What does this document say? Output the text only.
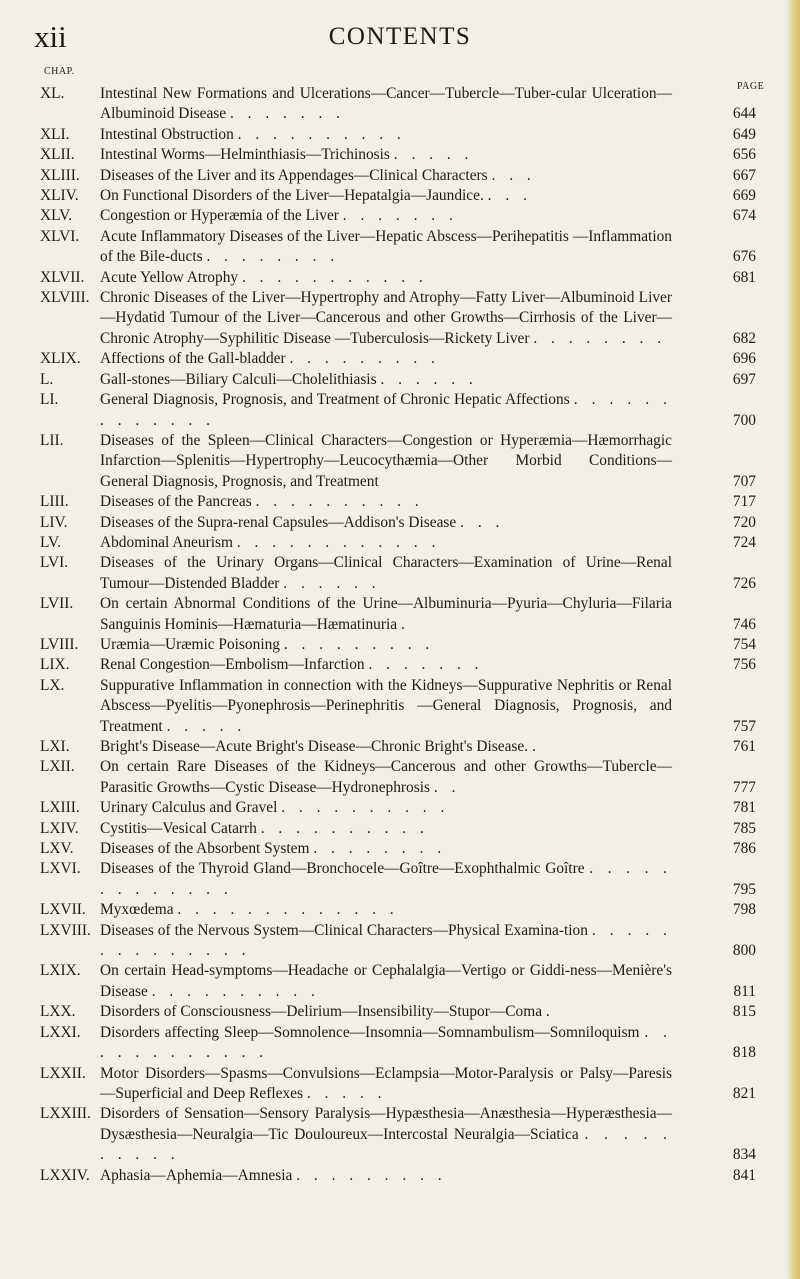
xii	CONTENTS
CHAP.
PAGE
XL.	Intestinal New Formations and Ulcerations—Cancer—Tubercle—Tuber-cular Ulceration—Albuminoid Disease . . . . . . .	644
XLI.	Intestinal Obstruction . . . . . . . . . .	649
XLII.	Intestinal Worms—Helminthiasis—Trichinosis . . . . .	656
XLIII.	Diseases of the Liver and its Appendages—Clinical Characters . . .	667
XLIV.	On Functional Disorders of the Liver—Hepatalgia—Jaundice. . . .	669
XLV.	Congestion or Hyperæmia of the Liver . . . . . . .	674
XLVI.	Acute Inflammatory Diseases of the Liver—Hepatic Abscess—Perihepatitis —Inflammation of the Bile-ducts . . . . . . . .	676
XLVII.	Acute Yellow Atrophy . . . . . . . . . . .	681
XLVIII. Chronic Diseases of the Liver—Hypertrophy and Atrophy—Fatty Liver—Albuminoid Liver—Hydatid Tumour of the Liver—Cancerous and other Growths—Cirrhosis of the Liver—Chronic Atrophy—Syphilitic Disease —Tuberculosis—Rickety Liver . . . . . . . .	682
XLIX.	Affections of the Gall-bladder . . . . . . . . .	696
L.	Gall-stones—Biliary Calculi—Cholelithiasis . . . . . .	697
LI.	General Diagnosis, Prognosis, and Treatment of Chronic Hepatic Affections . . . . . . . . . . . . .	700
LII.	Diseases of the Spleen—Clinical Characters—Congestion or Hyperæmia—Hæmorrhagic Infarction—Splenitis—Hypertrophy—Leucocythæmia—Other Morbid Conditions—General Diagnosis, Prognosis, and Treatment	707
LIII.	Diseases of the Pancreas . . . . . . . . . .	717
LIV.	Diseases of the Supra-renal Capsules—Addison's Disease . . .	720
LV.	Abdominal Aneurism . . . . . . . . . . . .	724
LVI.	Diseases of the Urinary Organs—Clinical Characters—Examination of Urine—Renal Tumour—Distended Bladder . . . . . .	726
LVII.	On certain Abnormal Conditions of the Urine—Albuminuria—Pyuria—Chyluria—Filaria Sanguinis Hominis—Hæmaturia—Hæmatinuria .	746
LVIII.	Uræmia—Uræmic Poisoning . . . . . . . . .	754
LIX.	Renal Congestion—Embolism—Infarction . . . . . . .	756
LX.	Suppurative Inflammation in connection with the Kidneys—Suppurative Nephritis or Renal Abscess—Pyelitis—Pyonephrosis—Perinephritis —General Diagnosis, Prognosis, and Treatment . . . . .	757
LXI.	Bright's Disease—Acute Bright's Disease—Chronic Bright's Disease. .	761
LXII.	On certain Rare Diseases of the Kidneys—Cancerous and other Growths—Tubercle—Parasitic Growths—Cystic Disease—Hydronephrosis . .	777
LXIII.	Urinary Calculus and Gravel . . . . . . . . . .	781
LXIV.	Cystitis—Vesical Catarrh . . . . . . . . . .	785
LXV.	Diseases of the Absorbent System . . . . . . . .	786
LXVI.	Diseases of the Thyroid Gland—Bronchocele—Goître—Exophthalmic Goître . . . . . . . . . . . . .	795
LXVII. Myxœdema . . . . . . . . . . . . .	798
LXVIII. Diseases of the Nervous System—Clinical Characters—Physical Examina-tion . . . . . . . . . . . . . .	800
LXIX.	On certain Head-symptoms—Headache or Cephalalgia—Vertigo or Giddi-ness—Menière's Disease . . . . . . . . . .	811
LXX.	Disorders of Consciousness—Delirium—Insensibility—Stupor—Coma .	815
LXXI.	Disorders affecting Sleep—Somnolence—Insomnia—Somnambulism—Somniloquism . . . . . . . . . . . .	818
LXXII. Motor Disorders—Spasms—Convulsions—Eclampsia—Motor-Paralysis or Palsy—Paresis—Superficial and Deep Reflexes . . . . .	821
LXXIII. Disorders of Sensation—Sensory Paralysis—Hypæsthesia—Anæsthesia—Hyperæsthesia—Dysæsthesia—Neuralgia—Tic Douloureux—Intercostal Neuralgia—Sciatica . . . . . . . . . .	834
LXXIV. Aphasia—Aphemia—Amnesia . . . . . . . . .	841
